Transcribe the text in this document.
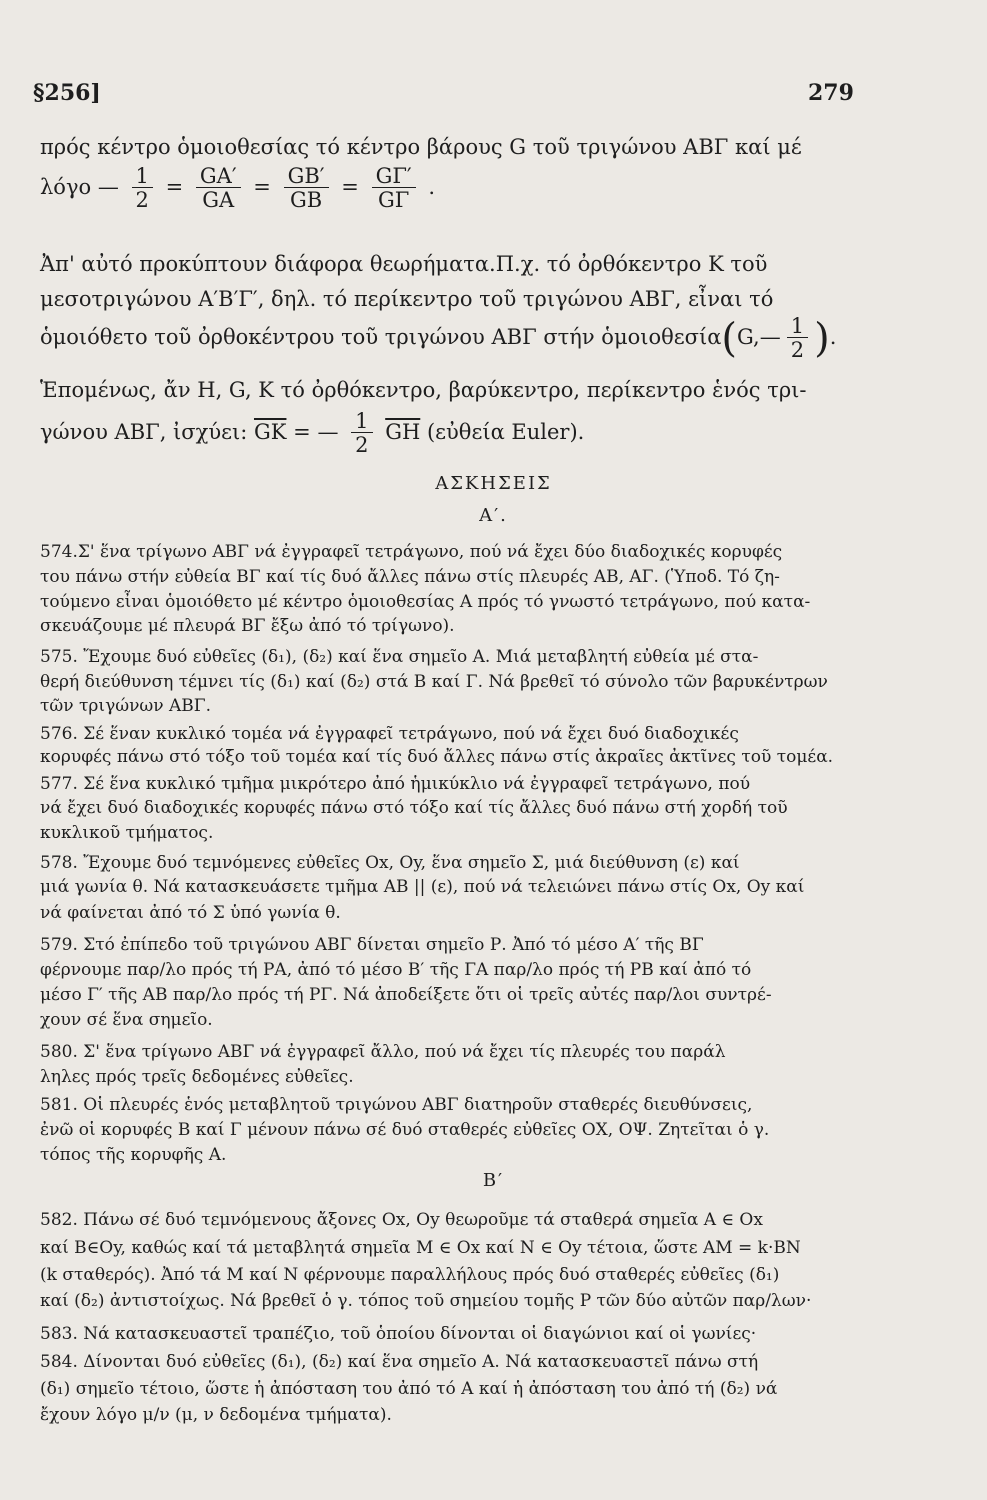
§256]	279
πρός κέντρο ὁμοιοθεσίας τό κέντρο βάρους G τοῦ τριγώνου ΑΒΓ καί μέ
λόγο — $\frac{1}{2} = \frac{GA'}{GA} = \frac{GB'}{GB} = \frac{G\Gamma'}{G\Gamma}$ .
Ἀπ' αὐτό προκύπτουν διάφορα θεωρήματα.Π.χ. τό ὀρθόκεντρο Κ τοῦ
μεσοτριγώνου Α′Β′Γ′, δηλ. τό περίκεντρο τοῦ τριγώνου ΑΒΓ, εἶναι τό
ὁμοιόθετο τοῦ ὀρθοκέντρου τοῦ τριγώνου ΑΒΓ στήν ὁμοιοθεσία(G,— $\frac{1}{2}$ ).
Ἑπομένως, ἄν Η, G, Κ τό ὀρθόκεντρο, βαρύκεντρο, περίκεντρο ἑνός τρι-
γώνου ΑΒΓ, ἰσχύει: $\overline{GK}$ = — $\frac{1}{2} \overline{GH}$ (εὐθεία Euler).
ΑΣΚΗΣΕΙΣ
Α′.
574.Σ' ἕνα τρίγωνο ΑΒΓ νά ἐγγραφεῖ τετράγωνο, πού νά ἔχει δύο διαδοχικές κορυφές
του πάνω στήν εὐθεία ΒΓ καί τίς δυό ἄλλες πάνω στίς πλευρές ΑΒ, ΑΓ. (Ὑποδ. Τό ζη-
τούμενο εἶναι ὁμοιόθετο μέ κέντρο ὁμοιοθεσίας Α πρός τό γνωστό τετράγωνο, πού κατα-
σκευάζουμε μέ πλευρά ΒΓ ἔξω ἀπό τό τρίγωνο).
575. Ἔχουμε δυό εὐθεῖες (δ₁), (δ₂) καί ἕνα σημεῖο Α. Μιά μεταβλητή εὐθεία μέ στα-
θερή διεύθυνση τέμνει τίς (δ₁) καί (δ₂) στά Β καί Γ. Νά βρεθεῖ τό σύνολο τῶν βαρυκέντρων
τῶν τριγώνων ΑΒΓ.
576. Σέ ἕναν κυκλικό τομέα νά ἐγγραφεῖ τετράγωνο, πού νά ἔχει δυό διαδοχικές
κορυφές πάνω στό τόξο τοῦ τομέα καί τίς δυό ἄλλες πάνω στίς ἀκραῖες ἀκτῖνες τοῦ τομέα.
577. Σέ ἕνα κυκλικό τμῆμα μικρότερο ἀπό ἡμικύκλιο νά ἐγγραφεῖ τετράγωνο, πού
νά ἔχει δυό διαδοχικές κορυφές πάνω στό τόξο καί τίς ἄλλες δυό πάνω στή χορδή τοῦ
κυκλικοῦ τμήματος.
578. Ἔχουμε δυό τεμνόμενες εὐθεῖες Οx, Οy, ἕνα σημεῖο Σ, μιά διεύθυνση (ε) καί
μιά γωνία θ. Νά κατασκευάσετε τμῆμα ΑΒ || (ε), πού νά τελειώνει πάνω στίς Οx, Οy καί
νά φαίνεται ἀπό τό Σ ὑπό γωνία θ.
579. Στό ἐπίπεδο τοῦ τριγώνου ΑΒΓ δίνεται σημεῖο Ρ. Ἀπό τό μέσο Α′ τῆς ΒΓ
φέρνουμε παρ/λο πρός τή ΡΑ, ἀπό τό μέσο Β′ τῆς ΓΑ παρ/λο πρός τή ΡΒ καί ἀπό τό
μέσο Γ′ τῆς ΑΒ παρ/λο πρός τή ΡΓ. Νά ἀποδείξετε ὅτι οἱ τρεῖς αὐτές παρ/λοι συντρέ-
χουν σέ ἕνα σημεῖο.
580. Σ' ἕνα τρίγωνο ΑΒΓ νά ἐγγραφεῖ ἄλλο, πού νά ἔχει τίς πλευρές του παράλ
ληλες πρός τρεῖς δεδομένες εὐθεῖες.
581. Οἱ πλευρές ἑνός μεταβλητοῦ τριγώνου ΑΒΓ διατηροῦν σταθερές διευθύνσεις,
ἐνῶ οἱ κορυφές Β καί Γ μένουν πάνω σέ δυό σταθερές εὐθεῖες ΟΧ, ΟΨ. Ζητεῖται ὁ γ.
τόπος τῆς κορυφῆς Α.
Β′
582. Πάνω σέ δυό τεμνόμενους ἄξονες Οx, Οy θεωροῦμε τά σταθερά σημεῖα Α ∈ Οx
καί Β∈Οy, καθώς καί τά μεταβλητά σημεῖα Μ ∈ Οx καί Ν ∈ Οy τέτοια, ὥστε ΑΜ = k·ΒΝ
(k σταθερός). Ἀπό τά Μ καί Ν φέρνουμε παραλλήλους πρός δυό σταθερές εὐθεῖες (δ₁)
καί (δ₂) ἀντιστοίχως. Νά βρεθεῖ ὁ γ. τόπος τοῦ σημείου τομῆς Ρ τῶν δύο αὐτῶν παρ/λων·
583. Νά κατασκευαστεῖ τραπέζιο, τοῦ ὁποίου δίνονται οἱ διαγώνιοι καί οἱ γωνίες·
584. Δίνονται δυό εὐθεῖες (δ₁), (δ₂) καί ἕνα σημεῖο Α. Νά κατασκευαστεῖ πάνω στή
(δ₁) σημεῖο τέτοιο, ὥστε ἡ ἀπόσταση του ἀπό τό Α καί ἡ ἀπόσταση του ἀπό τή (δ₂) νά
ἔχουν λόγο μ/ν (μ, ν δεδομένα τμήματα).
